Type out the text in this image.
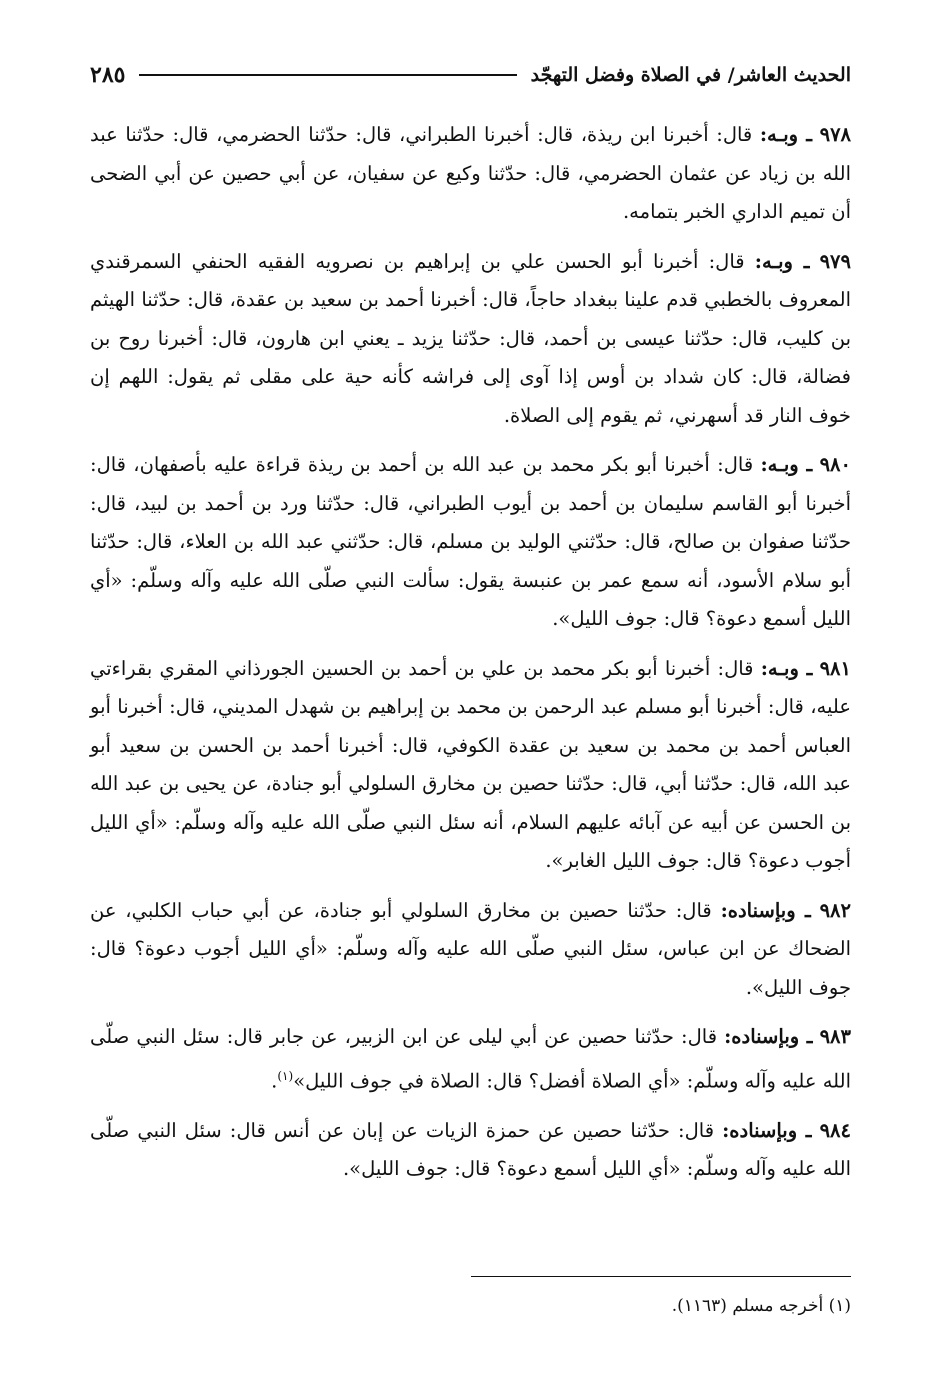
الحديث العاشر/ في الصلاة وفضل التهجّد
٢٨٥

٩٧٨ ـ وبـه: قال: أخبرنا ابن ريذة، قال: أخبرنا الطبراني، قال: حدّثنا الحضرمي، قال: حدّثنا عبد الله بن زياد عن عثمان الحضرمي، قال: حدّثنا وكيع عن سفيان، عن أبي حصين عن أبي الضحى أن تميم الداري الخبر بتمامه.

٩٧٩ ـ وبـه: قال: أخبرنا أبو الحسن علي بن إبراهيم بن نصرويه الفقيه الحنفي السمرقندي المعروف بالخطبي قدم علينا ببغداد حاجاً، قال: أخبرنا أحمد بن سعيد بن عقدة، قال: حدّثنا الهيثم بن كليب، قال: حدّثنا عيسى بن أحمد، قال: حدّثنا يزيد ـ يعني ابن هارون، قال: أخبرنا روح بن فضالة، قال: كان شداد بن أوس إذا آوى إلى فراشه كأنه حية على مقلى ثم يقول: اللهم إن خوف النار قد أسهرني، ثم يقوم إلى الصلاة.

٩٨٠ ـ وبـه: قال: أخبرنا أبو بكر محمد بن عبد الله بن أحمد بن ريذة قراءة عليه بأصفهان، قال: أخبرنا أبو القاسم سليمان بن أحمد بن أيوب الطبراني، قال: حدّثنا ورد بن أحمد بن لبيد، قال: حدّثنا صفوان بن صالح، قال: حدّثني الوليد بن مسلم، قال: حدّثني عبد الله بن العلاء، قال: حدّثنا أبو سلام الأسود، أنه سمع عمر بن عنبسة يقول: سألت النبي صلّى الله عليه وآله وسلّم: «أي الليل أسمع دعوة؟ قال: جوف الليل».

٩٨١ ـ وبـه: قال: أخبرنا أبو بكر محمد بن علي بن أحمد بن الحسين الجورذاني المقري بقراءتي عليه، قال: أخبرنا أبو مسلم عبد الرحمن بن محمد بن إبراهيم بن شهدل المديني، قال: أخبرنا أبو العباس أحمد بن محمد بن سعيد بن عقدة الكوفي، قال: أخبرنا أحمد بن الحسن بن سعيد أبو عبد الله، قال: حدّثنا أبي، قال: حدّثنا حصين بن مخارق السلولي أبو جنادة، عن يحيى بن عبد الله بن الحسن عن أبيه عن آبائه عليهم السلام، أنه سئل النبي صلّى الله عليه وآله وسلّم: «أي الليل أجوب دعوة؟ قال: جوف الليل الغابر».

٩٨٢ ـ وبإسناده: قال: حدّثنا حصين بن مخارق السلولي أبو جنادة، عن أبي حباب الكلبي، عن الضحاك عن ابن عباس، سئل النبي صلّى الله عليه وآله وسلّم: «أي الليل أجوب دعوة؟ قال: جوف الليل».

٩٨٣ ـ وبإسناده: قال: حدّثنا حصين عن أبي ليلى عن ابن الزبير، عن جابر قال: سئل النبي صلّى الله عليه وآله وسلّم: «أي الصلاة أفضل؟ قال: الصلاة في جوف الليل»$^{(١)}$.

٩٨٤ ـ وبإسناده: قال: حدّثنا حصين عن حمزة الزيات عن إبان عن أنس قال: سئل النبي صلّى الله عليه وآله وسلّم: «أي الليل أسمع دعوة؟ قال: جوف الليل».

(١) أخرجه مسلم (١١٦٣).
